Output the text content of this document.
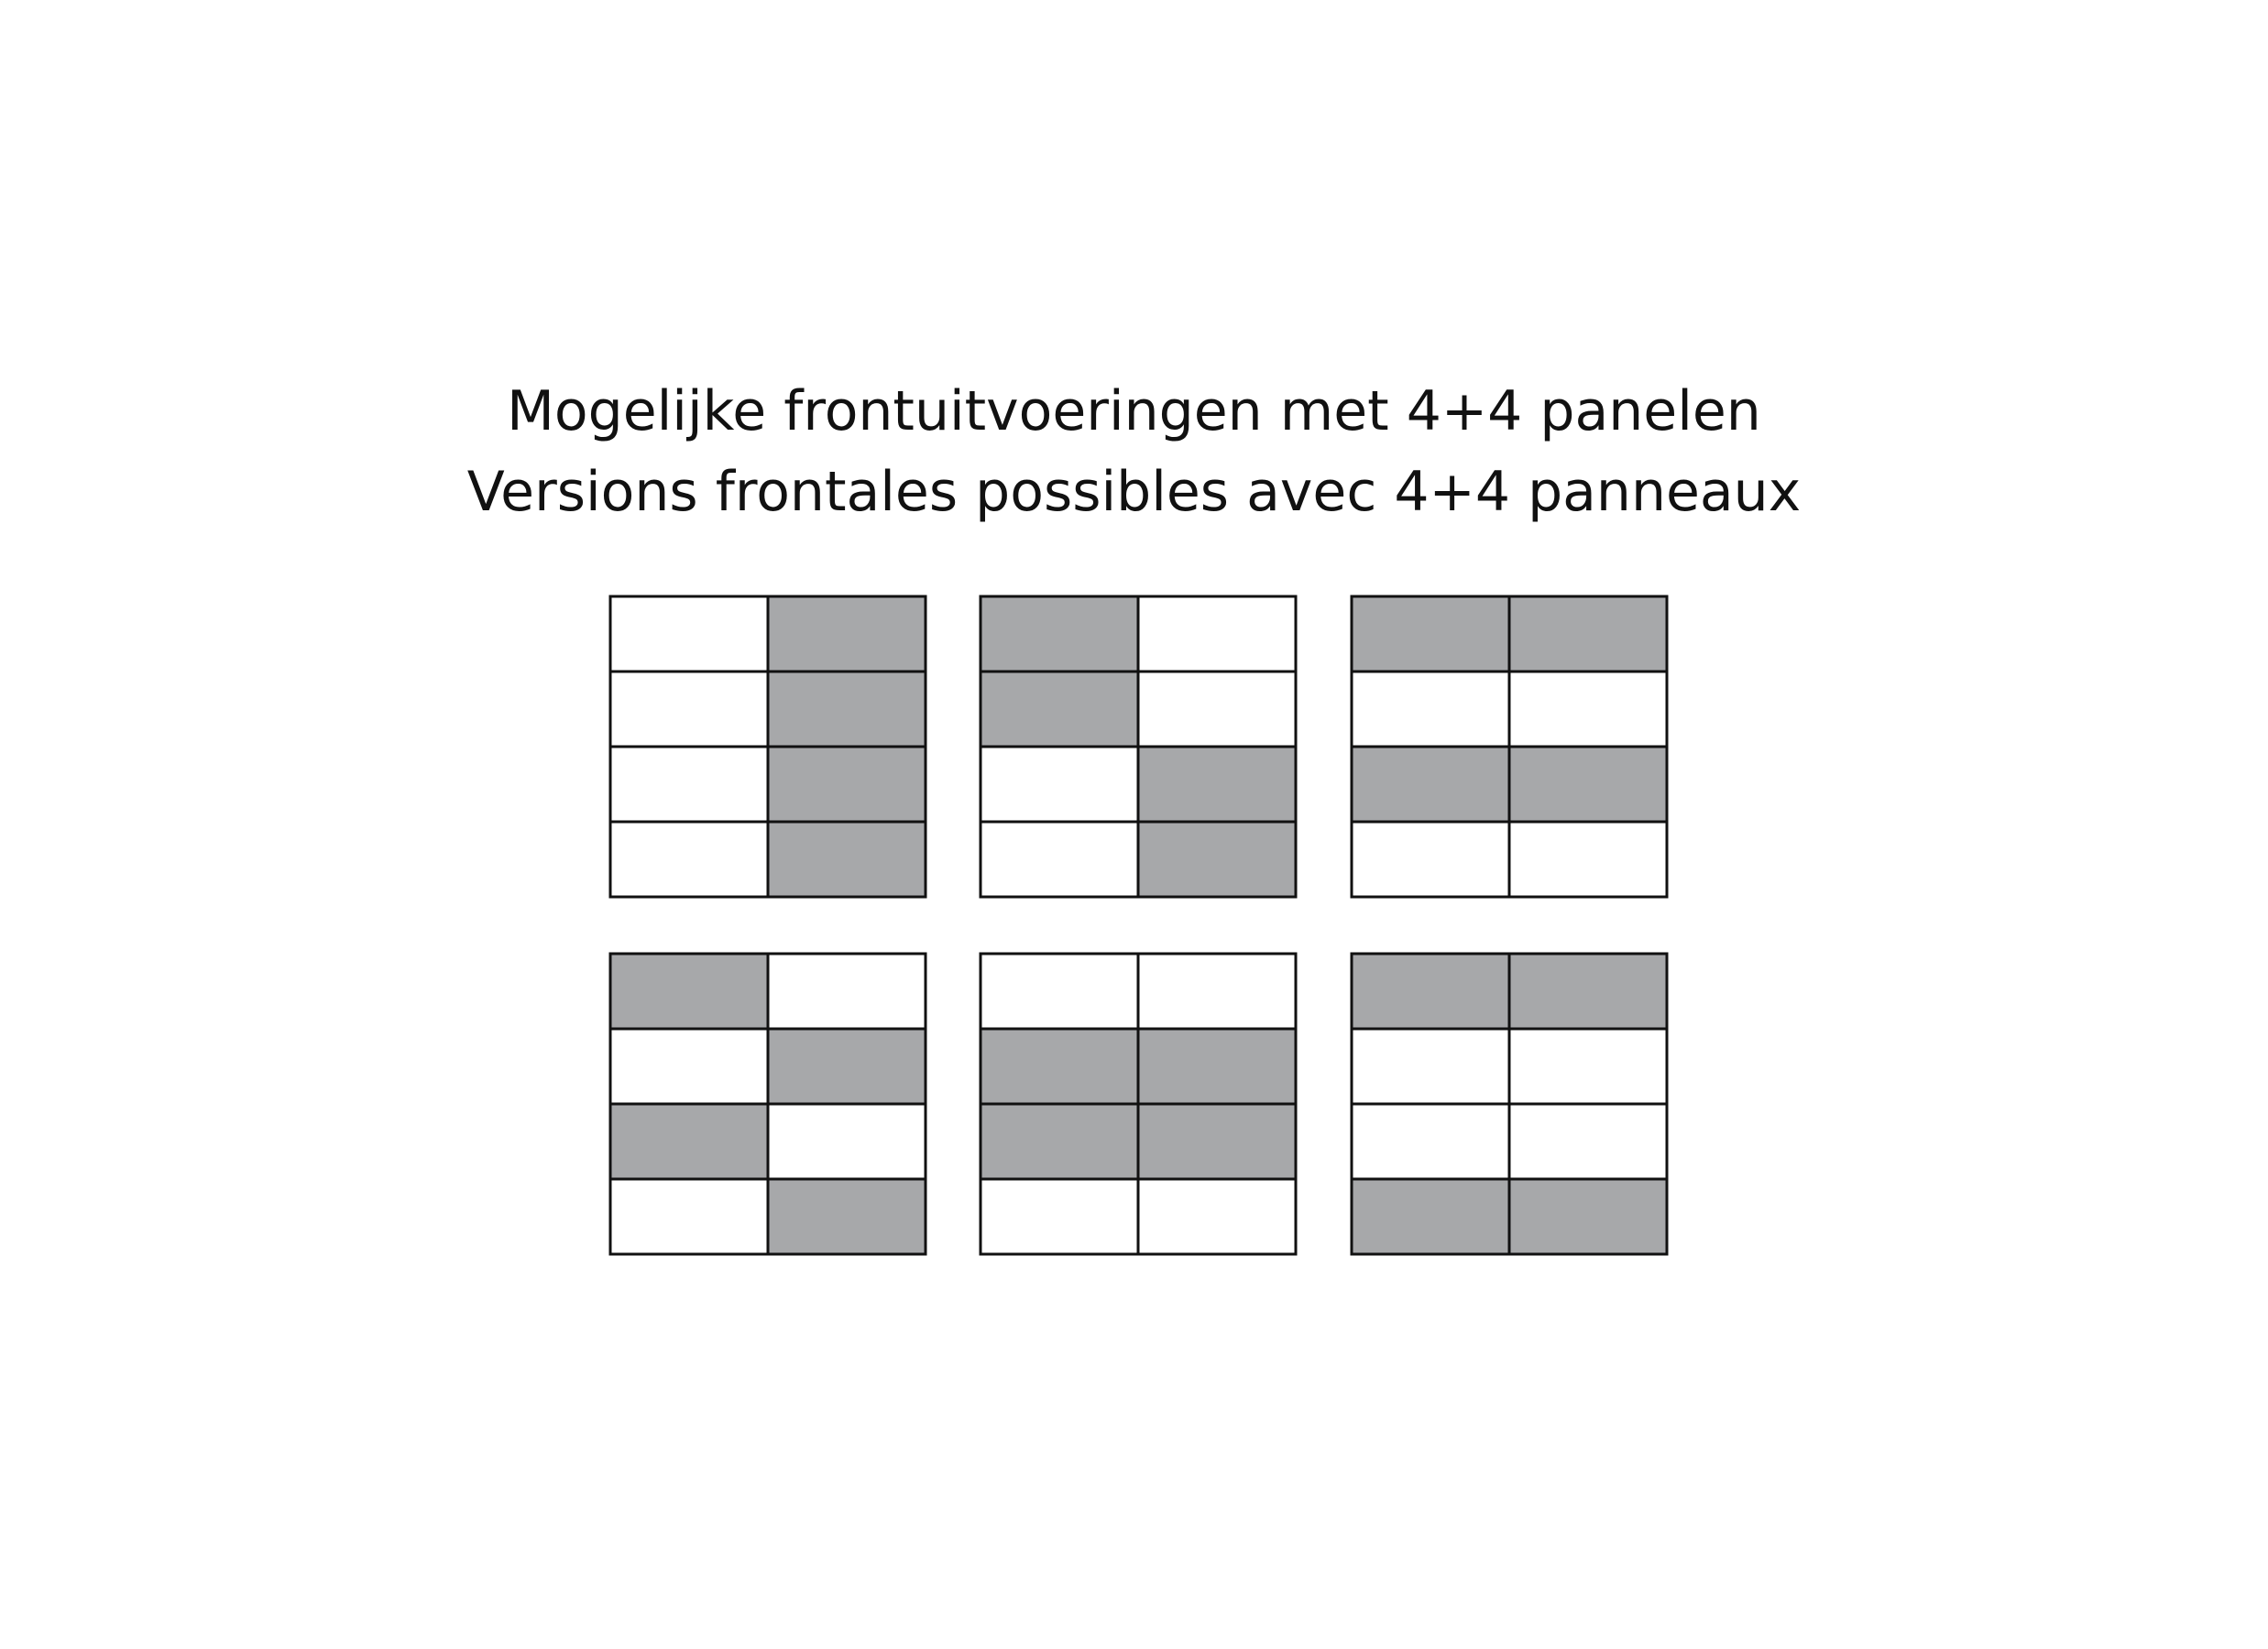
Mogelijke frontuitvoeringen met 4+4 panelen
Versions frontales possibles avec 4+4 panneaux
